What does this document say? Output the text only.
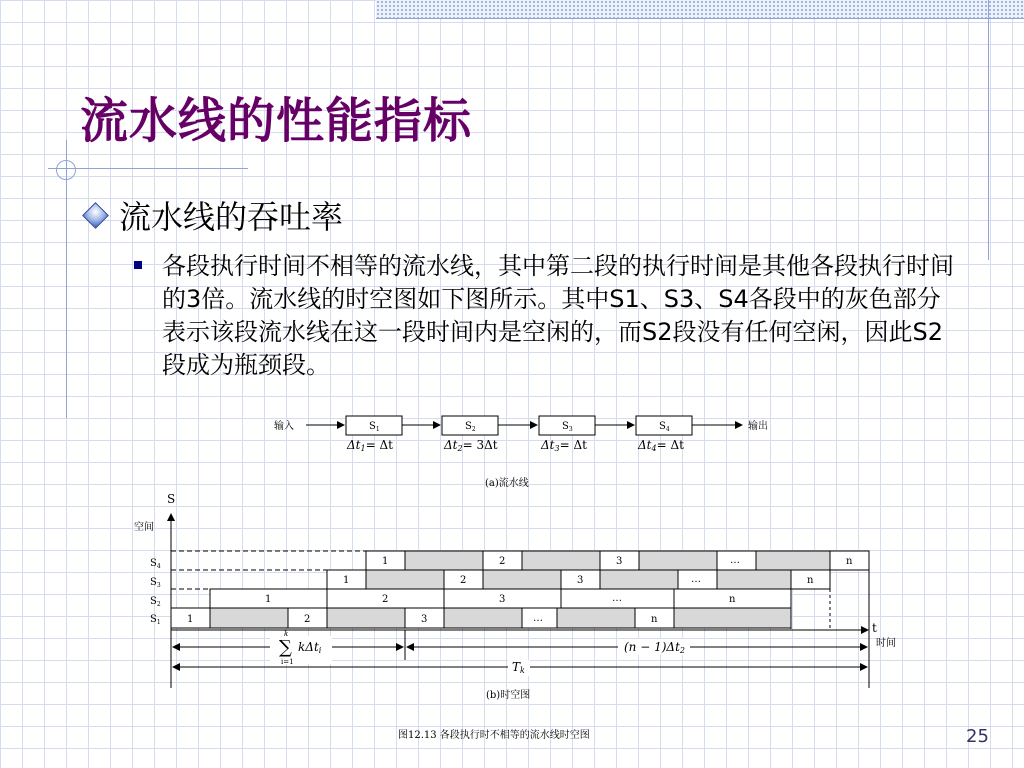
流水线的性能指标
流水线的吞吐率

各段执行时间不相等的流水线，其中第二段的执行时间是其他各段执行时间的3倍。流水线的时空图如下图所示。其中S1、S3、S4各段中的灰色部分表示该段流水线在这一段时间内是空闲的，而S2段没有任何空闲，因此S2段成为瓶颈段。

输入	输出
$S_1$	$S_2$	$S_3$	$S_4$
Δt1= Δt	Δt2= 3Δt	Δt3= Δt	Δt4= Δt
(a)流水线
S
空间
t
时间
$S_4$
$S_3$
$S_2$
$S_1$
1	2	3	…	n
1	2	3	…	n
1	2	3	…	n
1	2	3	…	n
k
∑
i=1
kΔti	(n − 1)Δt2
Tk
(b)时空图
图12.13 各段执行时不相等的流水线时空图	25
